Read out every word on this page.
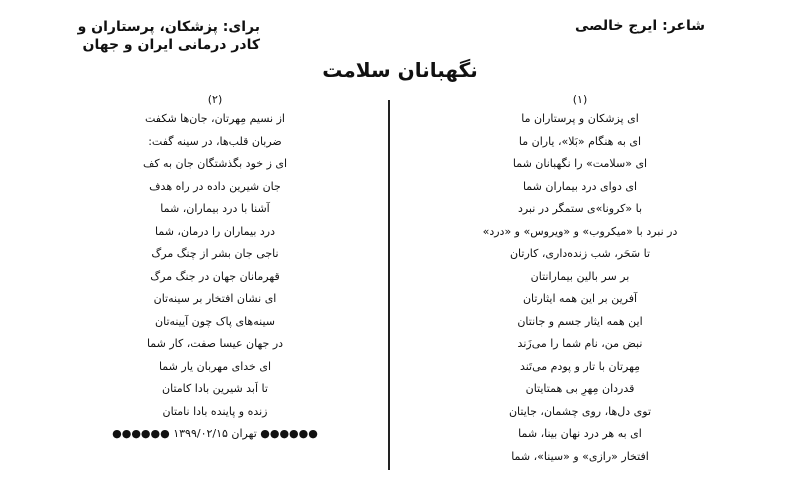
شاعر: ایرج خالصی
برای: پزشکان، پرستاران و
کادر درمانی ایران و جهان
نگهبانان سلامت
(۱)
ای پزشکان و پرستاران ما
ای به هنگام «بَلا»، یاران ما
ای «سلامت» را نگهبانان شما
ای دوای درد بیماران شما
با «کرونا»ی ستمگر در نبرد
در نبرد با «میکروب» و «ویروس» و «درد»
تا سَحَر، شب زنده‌داری، کارتان
بر سر بالین بیمارانتان
آفرین بر این همه ایثارتان
این همه ایثار جسم و جانتان
نبض من، نام شما را می‌زَند
مِهرتان با تار و پودم می‌تَند
قدردان مِهرِ بی همتایتان
توی دل‌ها، روی چشمان، جایتان
ای به هر درد نهان بینا، شما
افتخار «رازی» و «سینا»، شما
(۲)
از نسیم مِهرتان، جان‌ها شکفت
ضربان قلب‌ها، در سینه گفت:
ای ز خود بگذشتگان جان به کف
جان شیرین داده در راه هدف
آشنا با درد بیماران، شما
درد بیماران را درمان، شما
ناجی جان بشر از چنگ مرگ
قهرمانان جهان در جنگ مرگ
ای نشان افتخار بر سینه‌تان
سینه‌های پاک چون آیینه‌تان
در جهان عیسا صفت، کار شما
ای خدای مهربان یار شما
تا اَبد شیرین بادا کامتان
زنده و پاینده بادا نامتان
●●●●●● تهران ۱۳۹۹/۰۲/۱۵ ●●●●●●
